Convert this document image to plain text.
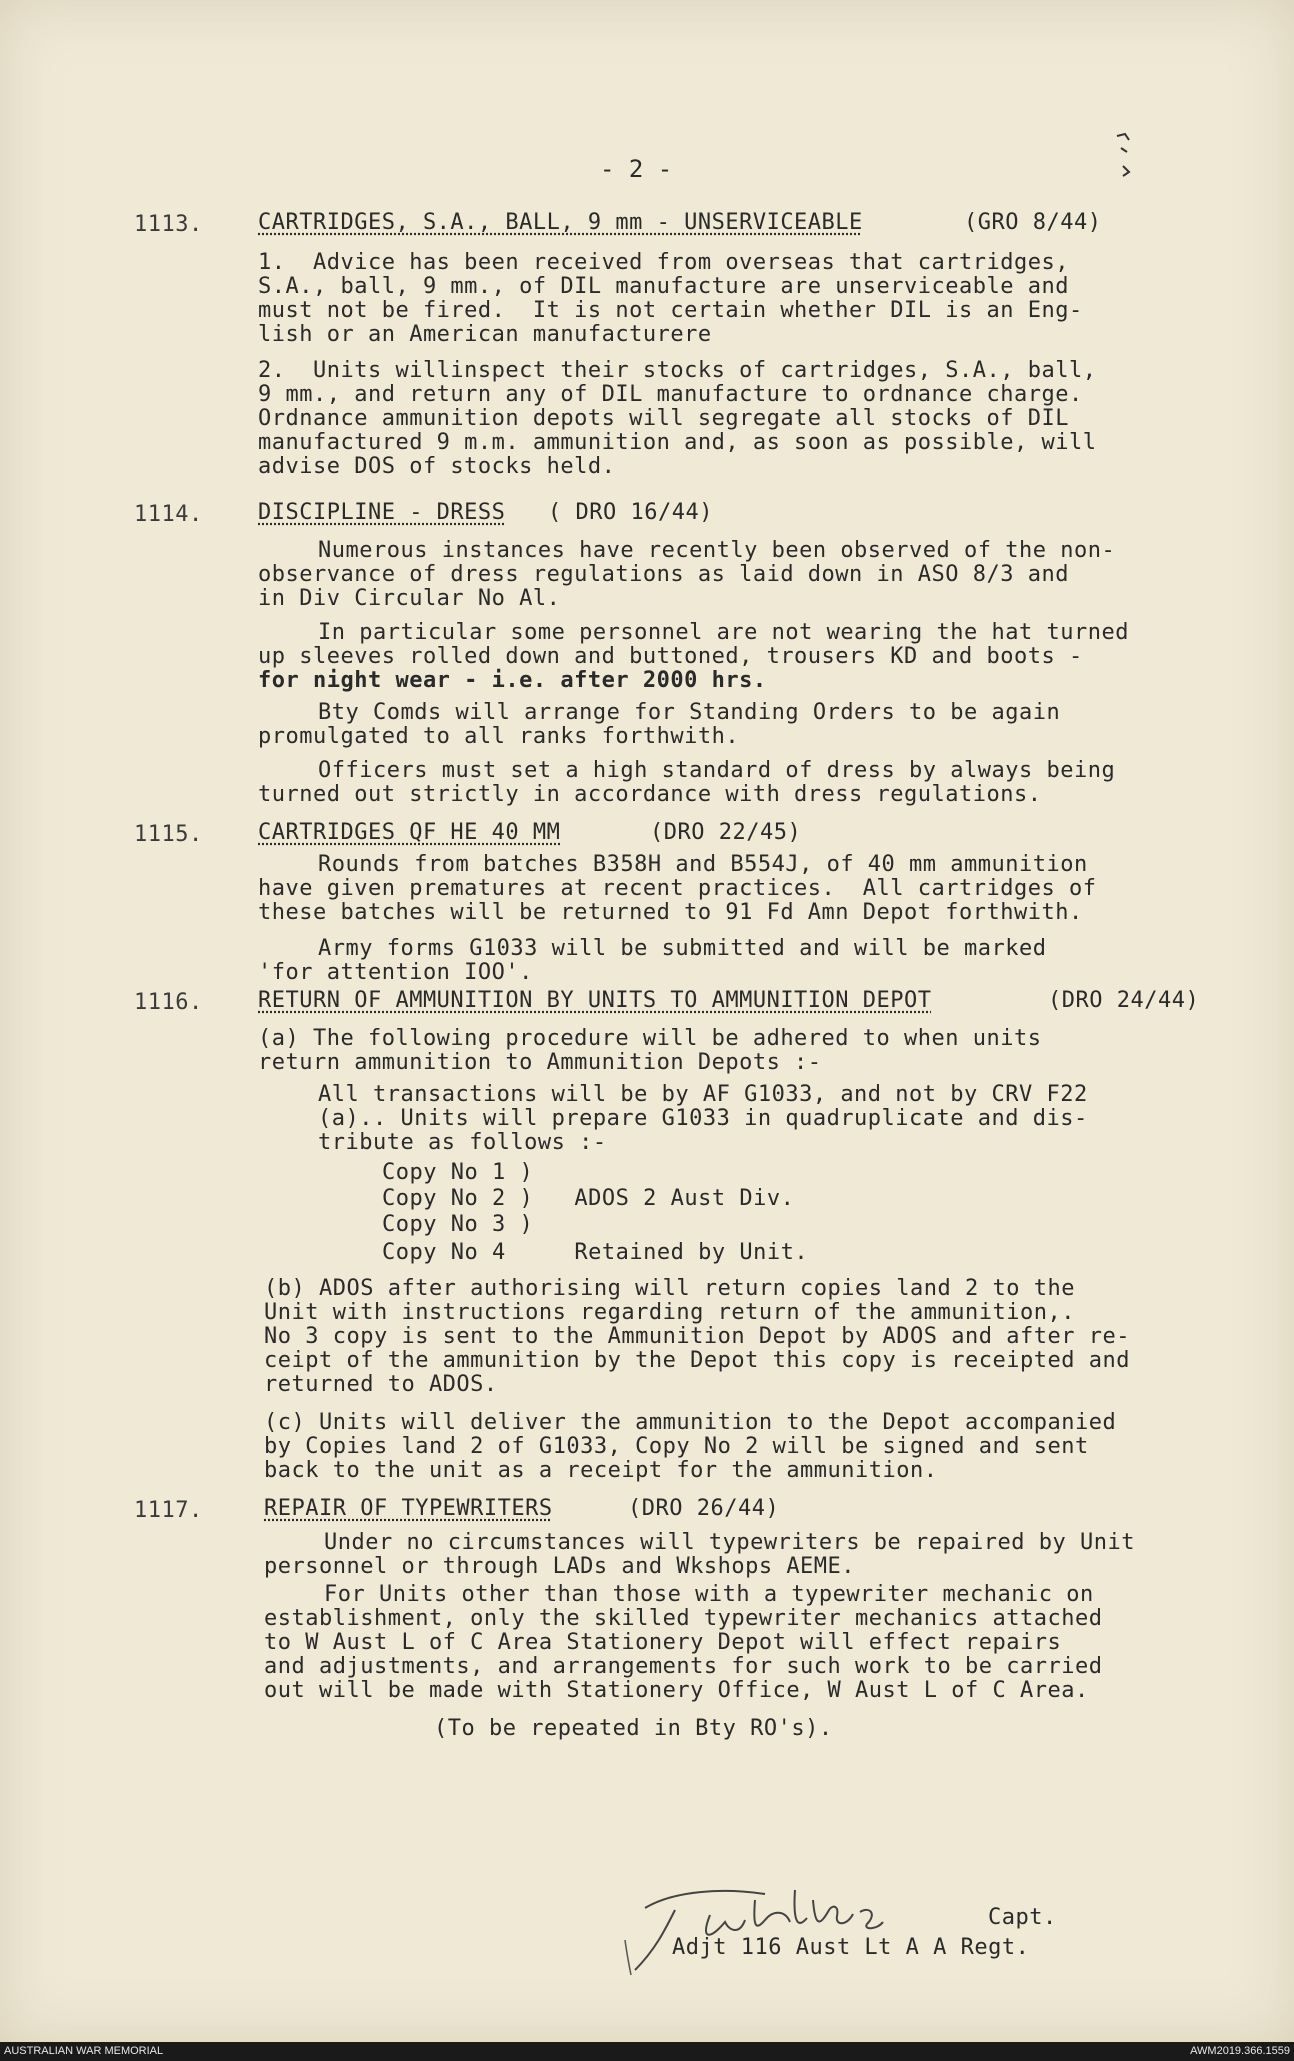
- 2 -
1113.	CARTRIDGES, S.A., BALL, 9 mm - UNSERVICEABLE	(GRO 8/44)
1.  Advice has been received from overseas that cartridges,
S.A., ball, 9 mm., of DIL manufacture are unserviceable and
must not be fired.  It is not certain whether DIL is an Eng-
lish or an American manufacturere
2.  Units willinspect their stocks of cartridges, S.A., ball,
9 mm., and return any of DIL manufacture to ordnance charge.
Ordnance ammunition depots will segregate all stocks of DIL
manufactured 9 m.m. ammunition and, as soon as possible, will
advise DOS of stocks held.
1114.	DISCIPLINE - DRESS ( DRO 16/44)
Numerous instances have recently been observed of the non-
observance of dress regulations as laid down in ASO 8/3 and
in Div Circular No Al.
In particular some personnel are not wearing the hat turned
up sleeves rolled down and buttoned, trousers KD and boots -
for night wear - i.e. after 2000 hrs.
Bty Comds will arrange for Standing Orders to be again
promulgated to all ranks forthwith.
Officers must set a high standard of dress by always being
turned out strictly in accordance with dress regulations.
1115.	CARTRIDGES QF HE 40 MM	(DRO 22/45)
Rounds from batches B358H and B554J, of 40 mm ammunition
have given prematures at recent practices.  All cartridges of
these batches will be returned to 91 Fd Amn Depot forthwith.
Army forms G1033 will be submitted and will be marked
'for attention IOO'.
1116.	RETURN OF AMMUNITION BY UNITS TO AMMUNITION DEPOT	(DRO 24/44)
(a) The following procedure will be adhered to when units
return ammunition to Ammunition Depots :-
All transactions will be by AF G1033, and not by CRV F22
(a).. Units will prepare G1033 in quadruplicate and dis-
tribute as follows :-
Copy No 1 )
Copy No 2 )   ADOS 2 Aust Div.
Copy No 3 )
Copy No 4     Retained by Unit.
(b) ADOS after authorising will return copies land 2 to the
Unit with instructions regarding return of the ammunition,.
No 3 copy is sent to the Ammunition Depot by ADOS and after re-
ceipt of the ammunition by the Depot this copy is receipted and
returned to ADOS.
(c) Units will deliver the ammunition to the Depot accompanied
by Copies land 2 of G1033, Copy No 2 will be signed and sent
back to the unit as a receipt for the ammunition.
1117.	REPAIR OF TYPEWRITERS	(DRO 26/44)
Under no circumstances will typewriters be repaired by Unit
personnel or through LADs and Wkshops AEME.
For Units other than those with a typewriter mechanic on
establishment, only the skilled typewriter mechanics attached
to W Aust L of C Area Stationery Depot will effect repairs
and adjustments, and arrangements for such work to be carried
out will be made with Stationery Office, W Aust L of C Area.
(To be repeated in Bty RO's).
Capt.
Adjt 116 Aust Lt A A Regt.
AUSTRALIAN WAR MEMORIAL	AWM2019.366.1559
